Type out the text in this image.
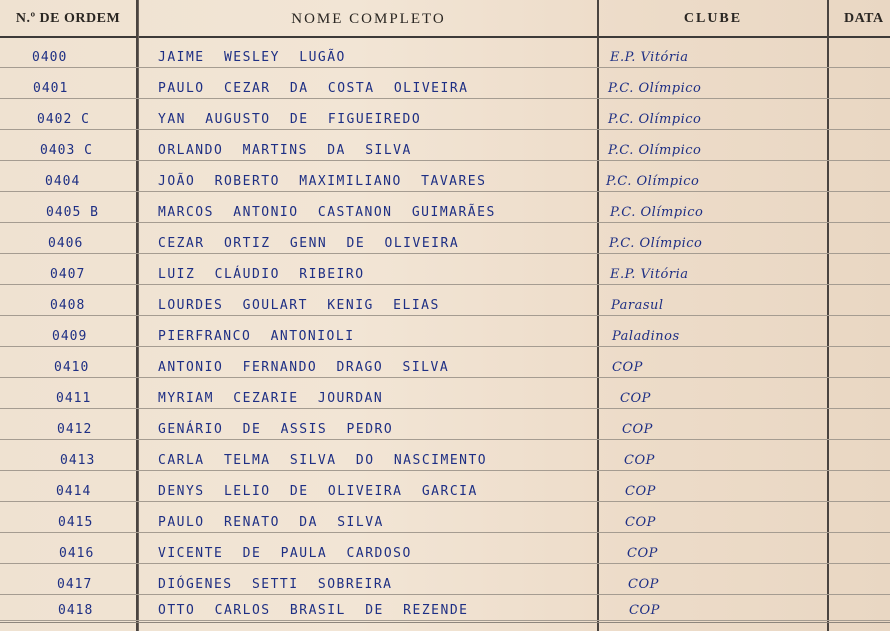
N.º DE ORDEM	NOME COMPLETO	CLUBE	DATA
0400	JAIME WESLEY LUGÃO	E.P. Vitória
0401	PAULO CEZAR DA COSTA OLIVEIRA	P.C. Olímpico
0402 C	YAN AUGUSTO DE FIGUEIREDO	P.C. Olímpico
0403 C	ORLANDO MARTINS DA SILVA	P.C. Olímpico
0404	JOÃO ROBERTO MAXIMILIANO TAVARES	P.C. Olímpico
0405 B	MARCOS ANTONIO CASTANON GUIMARÃES	P.C. Olímpico
0406	CEZAR ORTIZ GENN DE OLIVEIRA	P.C. Olímpico
0407	LUIZ CLÁUDIO RIBEIRO	E.P. Vitória
0408	LOURDES GOULART KENIG ELIAS	Parasul
0409	PIERFRANCO ANTONIOLI	Paladinos
0410	ANTONIO FERNANDO DRAGO SILVA	COP
0411	MYRIAM CEZARIE JOURDAN	COP
0412	GENÁRIO DE ASSIS PEDRO	COP
0413	CARLA TELMA SILVA DO NASCIMENTO	COP
0414	DENYS LELIO DE OLIVEIRA GARCIA	COP
0415	PAULO RENATO DA SILVA	COP
0416	VICENTE DE PAULA CARDOSO	COP
0417	DIÓGENES SETTI SOBREIRA	COP
0418	OTTO CARLOS BRASIL DE REZENDE	COP
